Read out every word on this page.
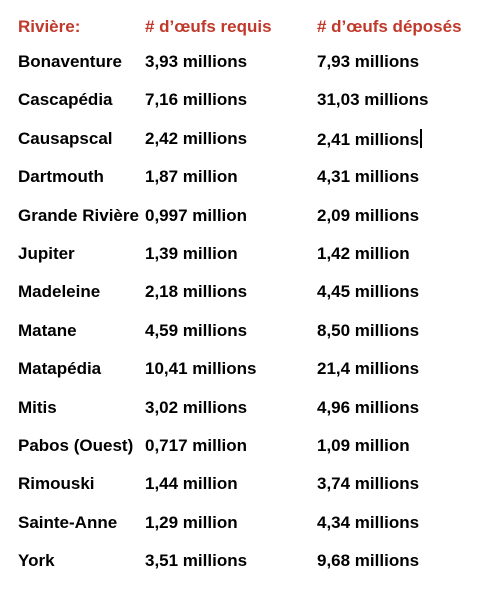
Rivière:	# d’œufs requis	# d’œufs déposés
Bonaventure 3,93 millions	7,93 millions
Cascapédia 7,16 millions	31,03 millions
Causapscal 2,42 millions	2,41 millions
Dartmouth 1,87 million	4,31 millions
Grande Rivière 0,997 million	2,09 millions
Jupiter	1,39 million	1,42 million
Madeleine	2,18 millions	4,45 millions
Matane	4,59 millions	8,50 millions
Matapédia	10,41 millions	21,4 millions
Mitis	3,02 millions	4,96 millions
Pabos (Ouest) 0,717 million	1,09 million
Rimouski	1,44 million	3,74 millions
Sainte-Anne 1,29 million	4,34 millions
York	3,51 millions	9,68 millions
